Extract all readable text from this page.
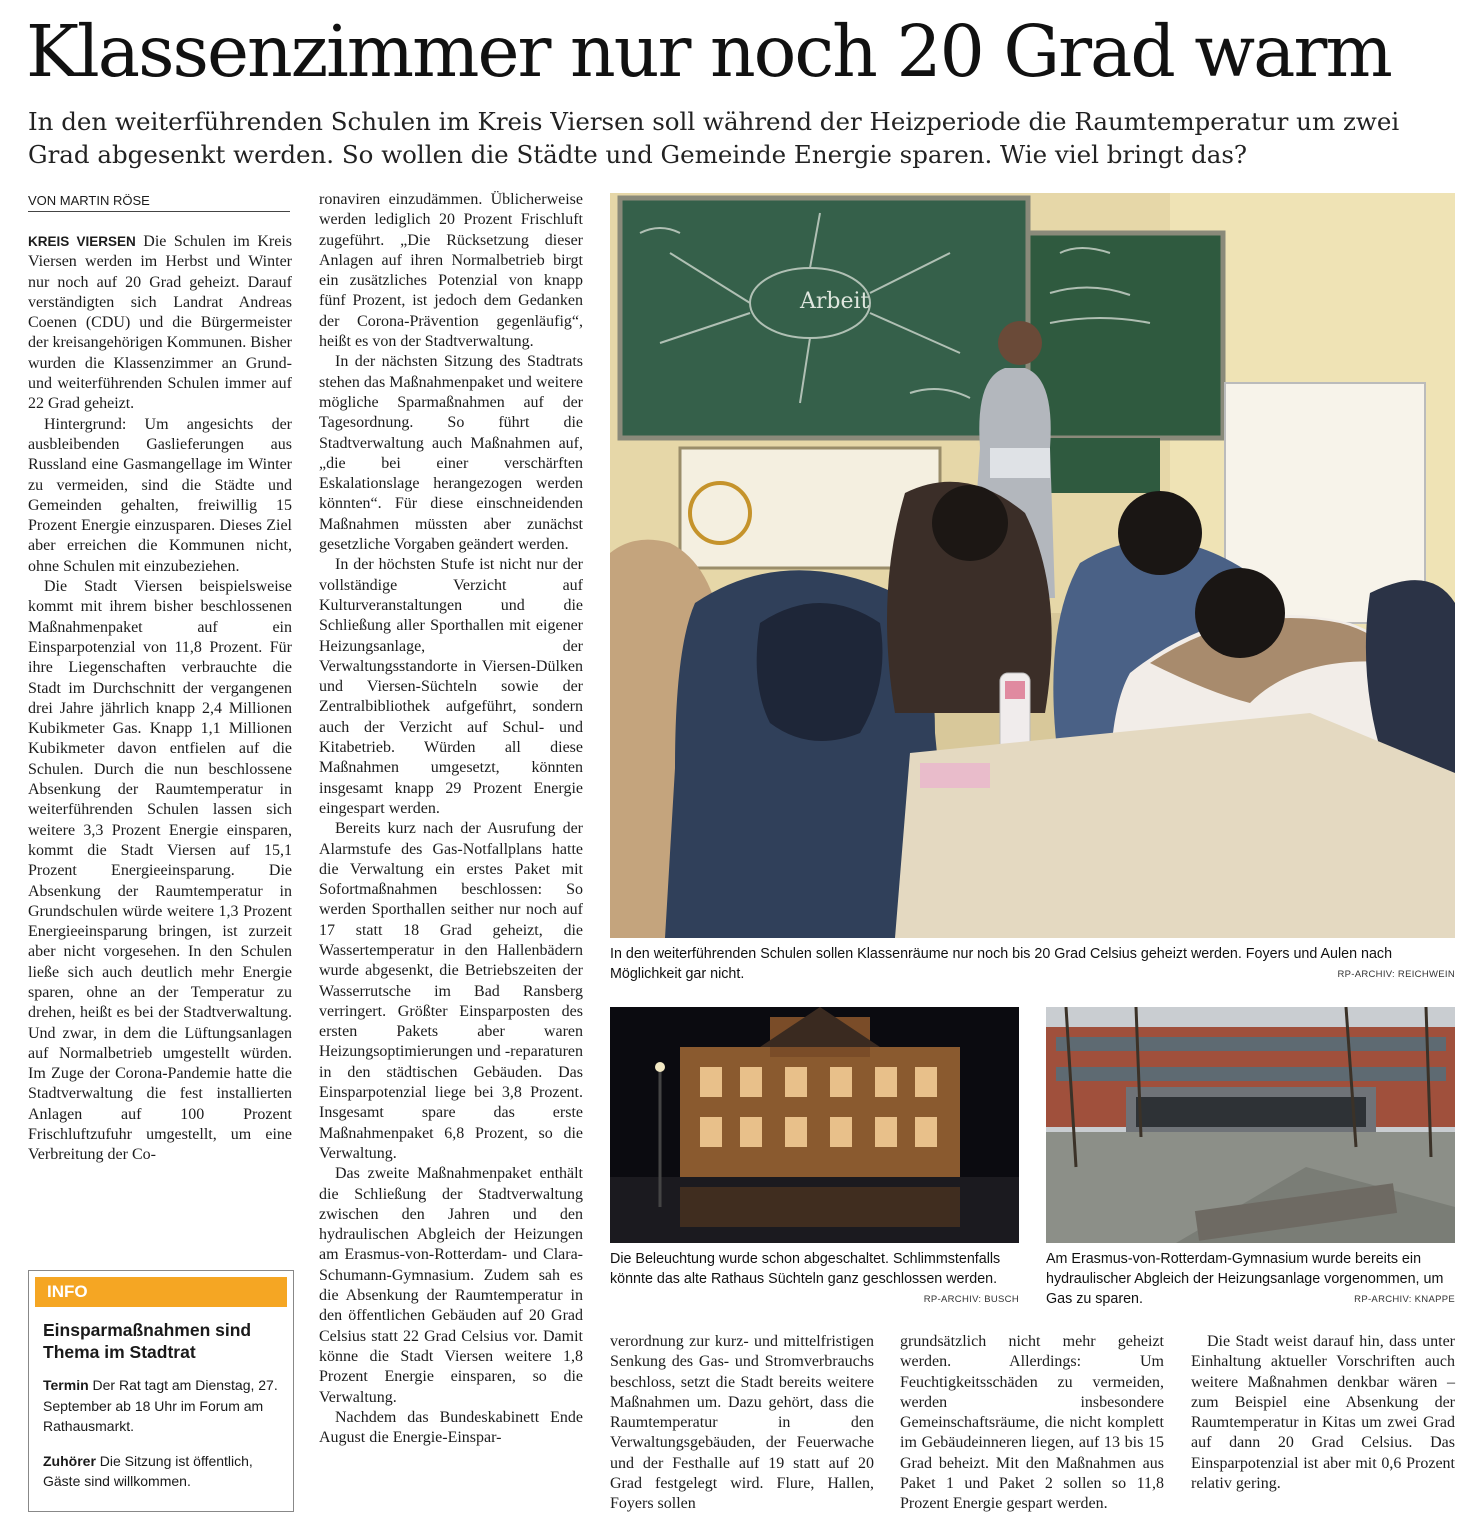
Klassenzimmer nur noch 20 Grad warm
In den weiterführenden Schulen im Kreis Viersen soll während der Heizperiode die Raumtemperatur um zwei Grad abgesenkt werden. So wollen die Städte und Gemeinde Energie sparen. Wie viel bringt das?
VON MARTIN RÖSE

KREIS VIERSEN Die Schulen im Kreis Viersen werden im Herbst und Winter nur noch auf 20 Grad geheizt. Darauf verständigten sich Landrat Andreas Coenen (CDU) und die Bürgermeister der kreisangehörigen Kommunen. Bisher wurden die Klassenzimmer an Grund- und weiterführenden Schulen immer auf 22 Grad geheizt.

Hintergrund: Um angesichts der ausbleibenden Gaslieferungen aus Russland eine Gasmangellage im Winter zu vermeiden, sind die Städte und Gemeinden gehalten, freiwillig 15 Prozent Energie einzusparen. Dieses Ziel aber erreichen die Kommunen nicht, ohne Schulen mit einzubeziehen.

Die Stadt Viersen beispielsweise kommt mit ihrem bisher beschlossenen Maßnahmenpaket auf ein Einsparpotenzial von 11,8 Prozent. Für ihre Liegenschaften verbrauchte die Stadt im Durchschnitt der vergangenen drei Jahre jährlich knapp 2,4 Millionen Kubikmeter Gas. Knapp 1,1 Millionen Kubikmeter davon entfielen auf die Schulen. Durch die nun beschlossene Absenkung der Raumtemperatur in weiterführenden Schulen lassen sich weitere 3,3 Prozent Energie einsparen, kommt die Stadt Viersen auf 15,1 Prozent Energieeinsparung. Die Absenkung der Raumtemperatur in Grundschulen würde weitere 1,3 Prozent Energieeinsparung bringen, ist zurzeit aber nicht vorgesehen. In den Schulen ließe sich auch deutlich mehr Energie sparen, ohne an der Temperatur zu drehen, heißt es bei der Stadtverwaltung. Und zwar, in dem die Lüftungsanlagen auf Normalbetrieb umgestellt würden. Im Zuge der Corona-Pandemie hatte die Stadtverwaltung die fest installierten Anlagen auf 100 Prozent Frischluftzufuhr umgestellt, um eine Verbreitung der Co-

INFO
Einsparmaßnahmen sind Thema im Stadtrat
Termin Der Rat tagt am Dienstag, 27. September ab 18 Uhr im Forum am Rathausmarkt.
Zuhörer Die Sitzung ist öffentlich, Gäste sind willkommen.

ronaviren einzudämmen. Üblicherweise werden lediglich 20 Prozent Frischluft zugeführt. „Die Rücksetzung dieser Anlagen auf ihren Normalbetrieb birgt ein zusätzliches Potenzial von knapp fünf Prozent, ist jedoch dem Gedanken der Corona-Prävention gegenläufig“, heißt es von der Stadtverwaltung.

In der nächsten Sitzung des Stadtrats stehen das Maßnahmenpaket und weitere mögliche Sparmaßnahmen auf der Tagesordnung. So führt die Stadtverwaltung auch Maßnahmen auf, „die bei einer verschärften Eskalationslage herangezogen werden könnten“. Für diese einschneidenden Maßnahmen müssten aber zunächst gesetzliche Vorgaben geändert werden.

In der höchsten Stufe ist nicht nur der vollständige Verzicht auf Kulturveranstaltungen und die Schließung aller Sporthallen mit eigener Heizungsanlage, der Verwaltungsstandorte in Viersen-Dülken und Viersen-Süchteln sowie der Zentralbibliothek aufgeführt, sondern auch der Verzicht auf Schul- und Kitabetrieb. Würden all diese Maßnahmen umgesetzt, könnten insgesamt knapp 29 Prozent Energie eingespart werden.

Bereits kurz nach der Ausrufung der Alarmstufe des Gas-Notfallplans hatte die Verwaltung ein erstes Paket mit Sofortmaßnahmen beschlossen: So werden Sporthallen seither nur noch auf 17 statt 18 Grad geheizt, die Wassertemperatur in den Hallenbädern wurde abgesenkt, die Betriebszeiten der Wasserrutsche im Bad Ransberg verringert. Größter Einsparposten des ersten Pakets aber waren Heizungsoptimierungen und -reparaturen in den städtischen Gebäuden. Das Einsparpotenzial liege bei 3,8 Prozent. Insgesamt spare das erste Maßnahmenpaket 6,8 Prozent, so die Verwaltung.

Das zweite Maßnahmenpaket enthält die Schließung der Stadtverwaltung zwischen den Jahren und den hydraulischen Abgleich der Heizungen am Erasmus-von-Rotterdam- und Clara-Schumann-Gymnasium. Zudem sah es die Absenkung der Raumtemperatur in den öffentlichen Gebäuden auf 20 Grad Celsius statt 22 Grad Celsius vor. Damit könne die Stadt Viersen weitere 1,8 Prozent Energie einsparen, so die Verwaltung.

Nachdem das Bundeskabinett Ende August die Energie-Einspar-

Arbeit
In den weiterführenden Schulen sollen Klassenräume nur noch bis 20 Grad Celsius geheizt werden. Foyers und Aulen nach Möglichkeit gar nicht.	RP-ARCHIV: REICHWEIN
Die Beleuchtung wurde schon abgeschaltet. Schlimmstenfalls könnte das alte Rathaus Süchteln ganz geschlossen werden.
RP-ARCHIV: BUSCH
Am Erasmus-von-Rotterdam-Gymnasium wurde bereits ein hydraulischer Abgleich der Heizungsanlage vorgenommen, um Gas zu sparen.	RP-ARCHIV: KNAPPE

verordnung zur kurz- und mittelfristigen Senkung des Gas- und Stromverbrauchs beschloss, setzt die Stadt bereits weitere Maßnahmen um. Dazu gehört, dass die Raumtemperatur in den Verwaltungsgebäuden, der Feuerwache und der Festhalle auf 19 statt auf 20 Grad festgelegt wird. Flure, Hallen, Foyers sollen

grundsätzlich nicht mehr geheizt werden. Allerdings: Um Feuchtigkeitsschäden zu vermeiden, werden insbesondere Gemeinschaftsräume, die nicht komplett im Gebäudeinneren liegen, auf 13 bis 15 Grad beheizt. Mit den Maßnahmen aus Paket 1 und Paket 2 sollen so 11,8 Prozent Energie gespart werden.

Die Stadt weist darauf hin, dass unter Einhaltung aktueller Vorschriften auch weitere Maßnahmen denkbar wären – zum Beispiel eine Absenkung der Raumtemperatur in Kitas um zwei Grad auf dann 20 Grad Celsius. Das Einsparpotenzial ist aber mit 0,6 Prozent relativ gering.
